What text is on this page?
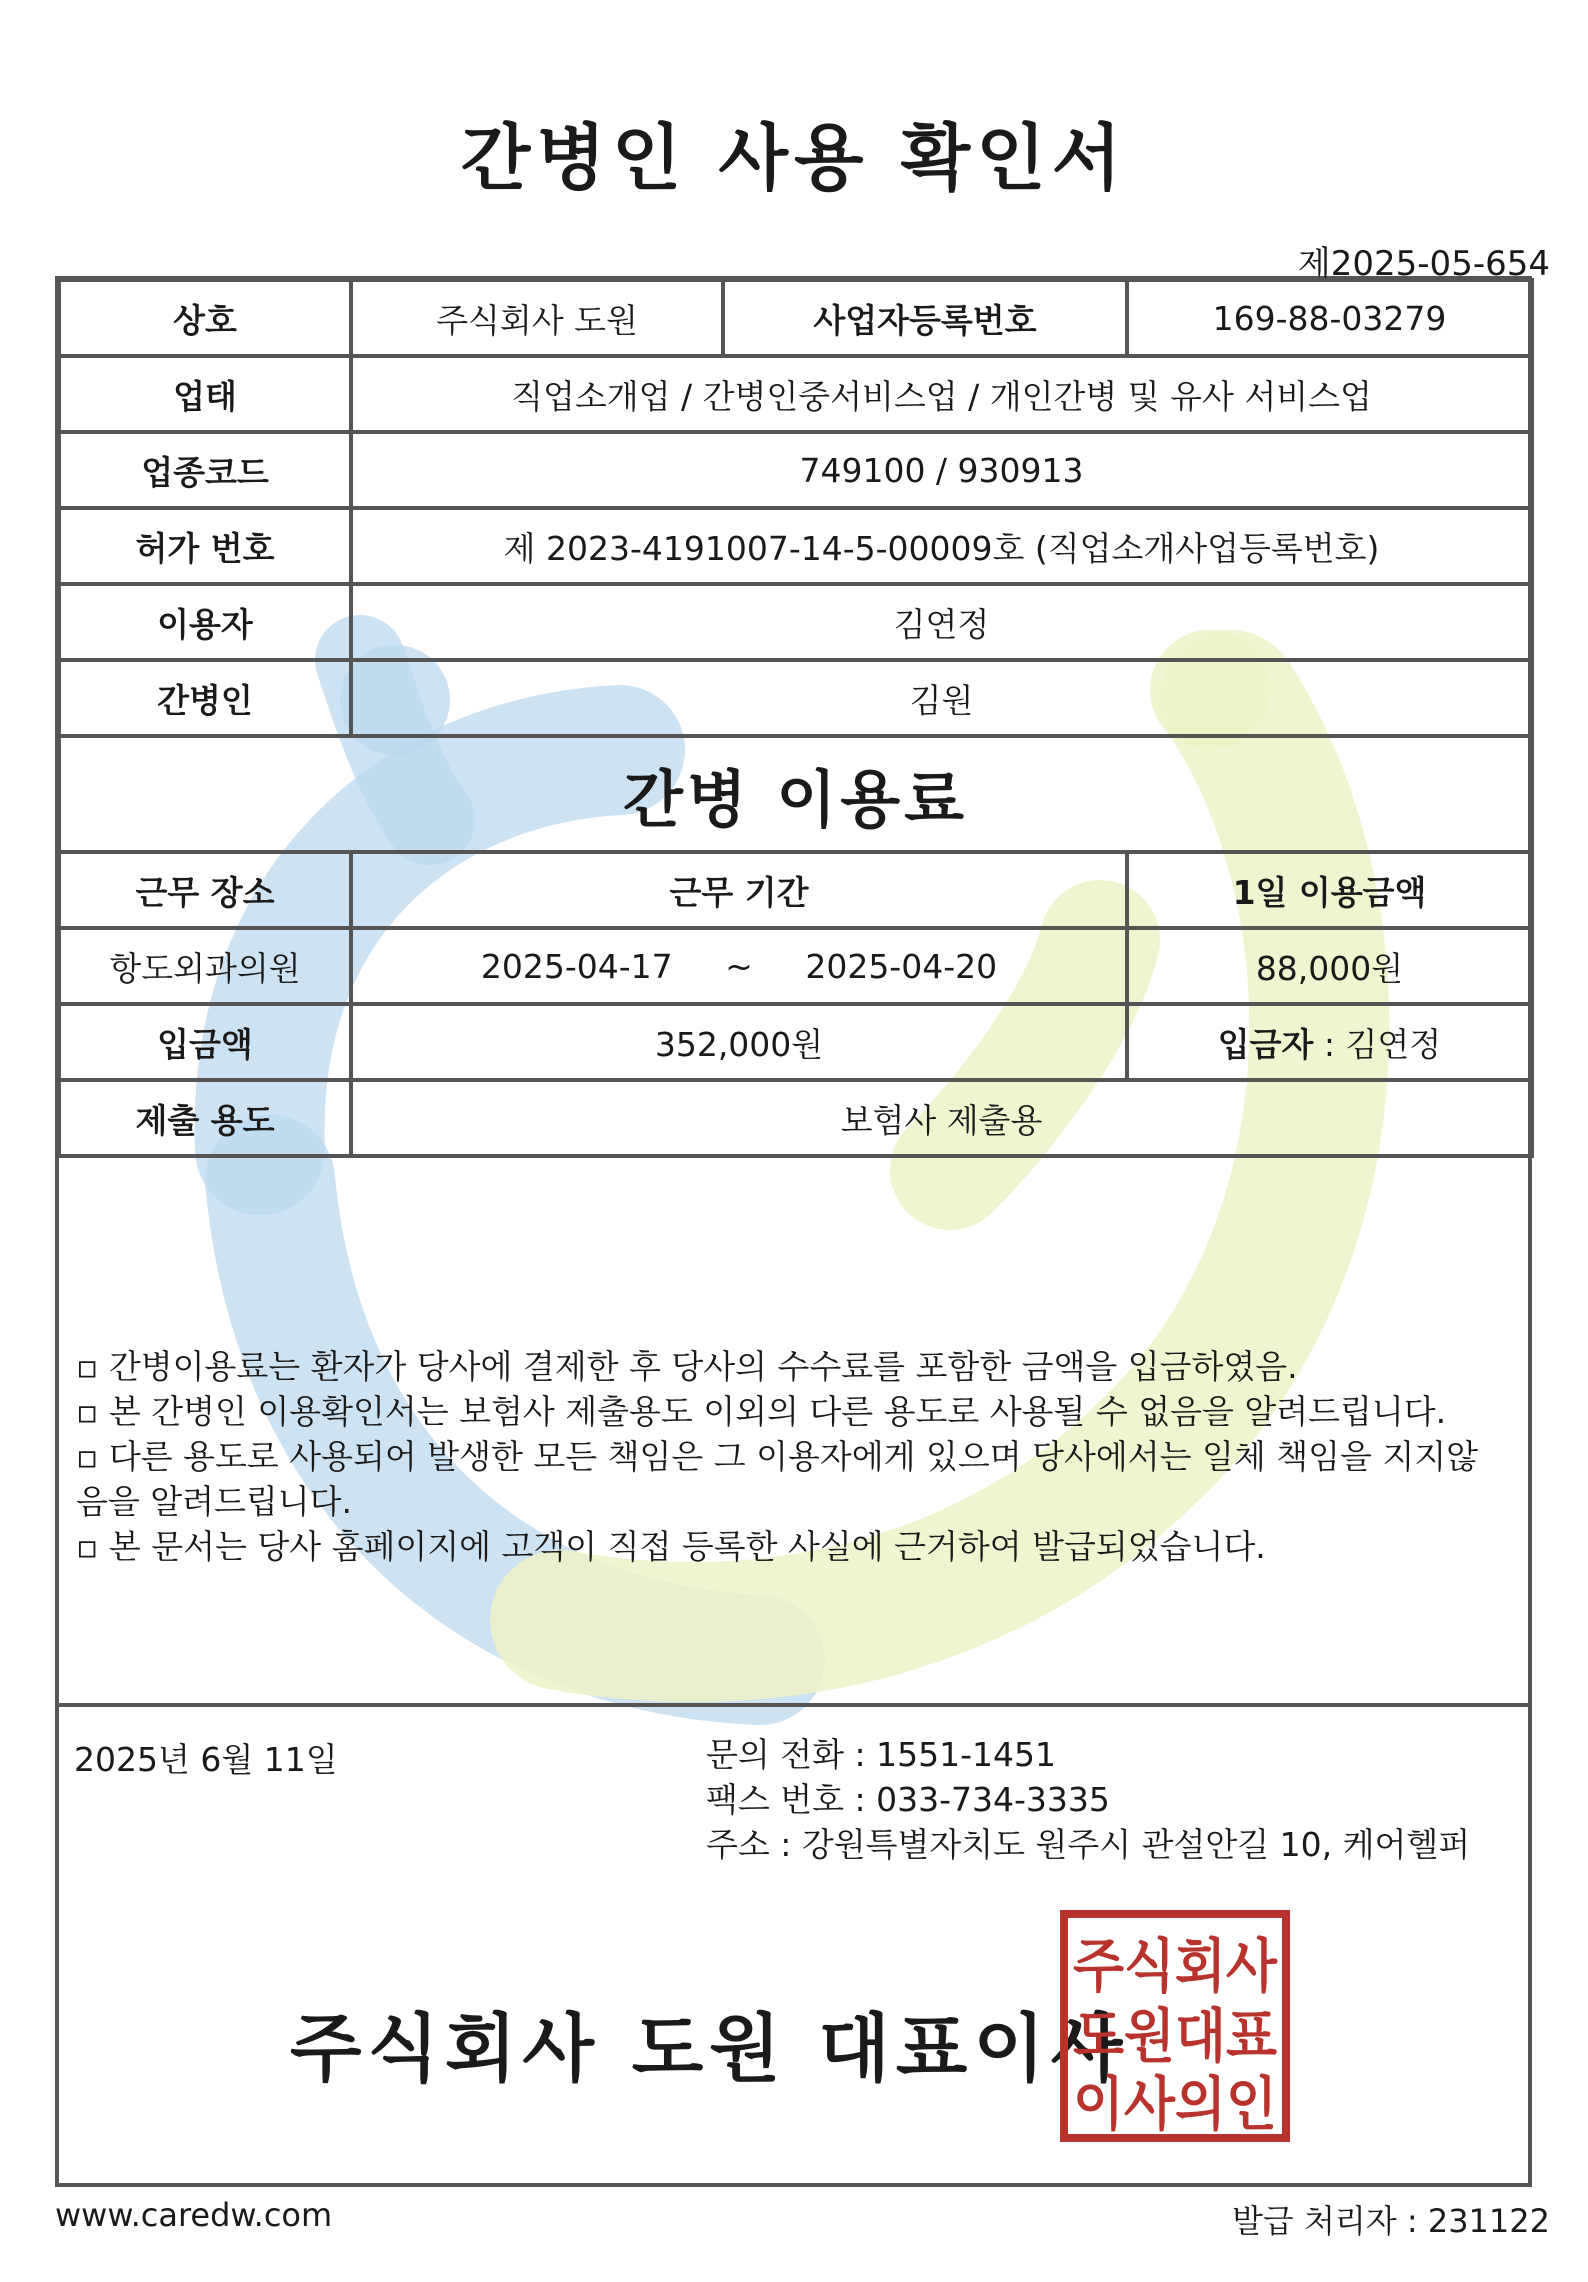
간병인 사용 확인서
제2025-05-654
상호	주식회사 도원	사업자등록번호	169-88-03279
업태	직업소개업 / 간병인중서비스업 / 개인간병 및 유사 서비스업		
업종코드	749100 / 930913		
허가 번호	제 2023-4191007-14-5-00009호 (직업소개사업등록번호)		
이용자	김연정		
간병인	김원		
간병 이용료			
근무 장소	근무 기간		1일 이용금액
항도외과의원	2025-04-17 ~ 2025-04-20		88,000원
입금액	352,000원		입금자 : 김연정
제출 용도	보험사 제출용		

▫ 간병이용료는 환자가 당사에 결제한 후 당사의 수수료를 포함한 금액을 입금하였음.

▫ 본 간병인 이용확인서는 보험사 제출용도 이외의 다른 용도로 사용될 수 없음을 알려드립니다.

▫ 다른 용도로 사용되어 발생한 모든 책임은 그 이용자에게 있으며 당사에서는 일체 책임을 지지않음을 알려드립니다.

▫ 본 문서는 당사 홈페이지에 고객이 직접 등록한 사실에 근거하여 발급되었습니다.

2025년 6월 11일	문의 전화 : 1551-1451
팩스 번호 : 033-734-3335
주소 : 강원특별자치도 원주시 관설안길 10, 케어헬퍼
주식회사 도원 대표이사
주식회사
도원대표
이사의인
www.caredw.com	발급 처리자 : 231122
